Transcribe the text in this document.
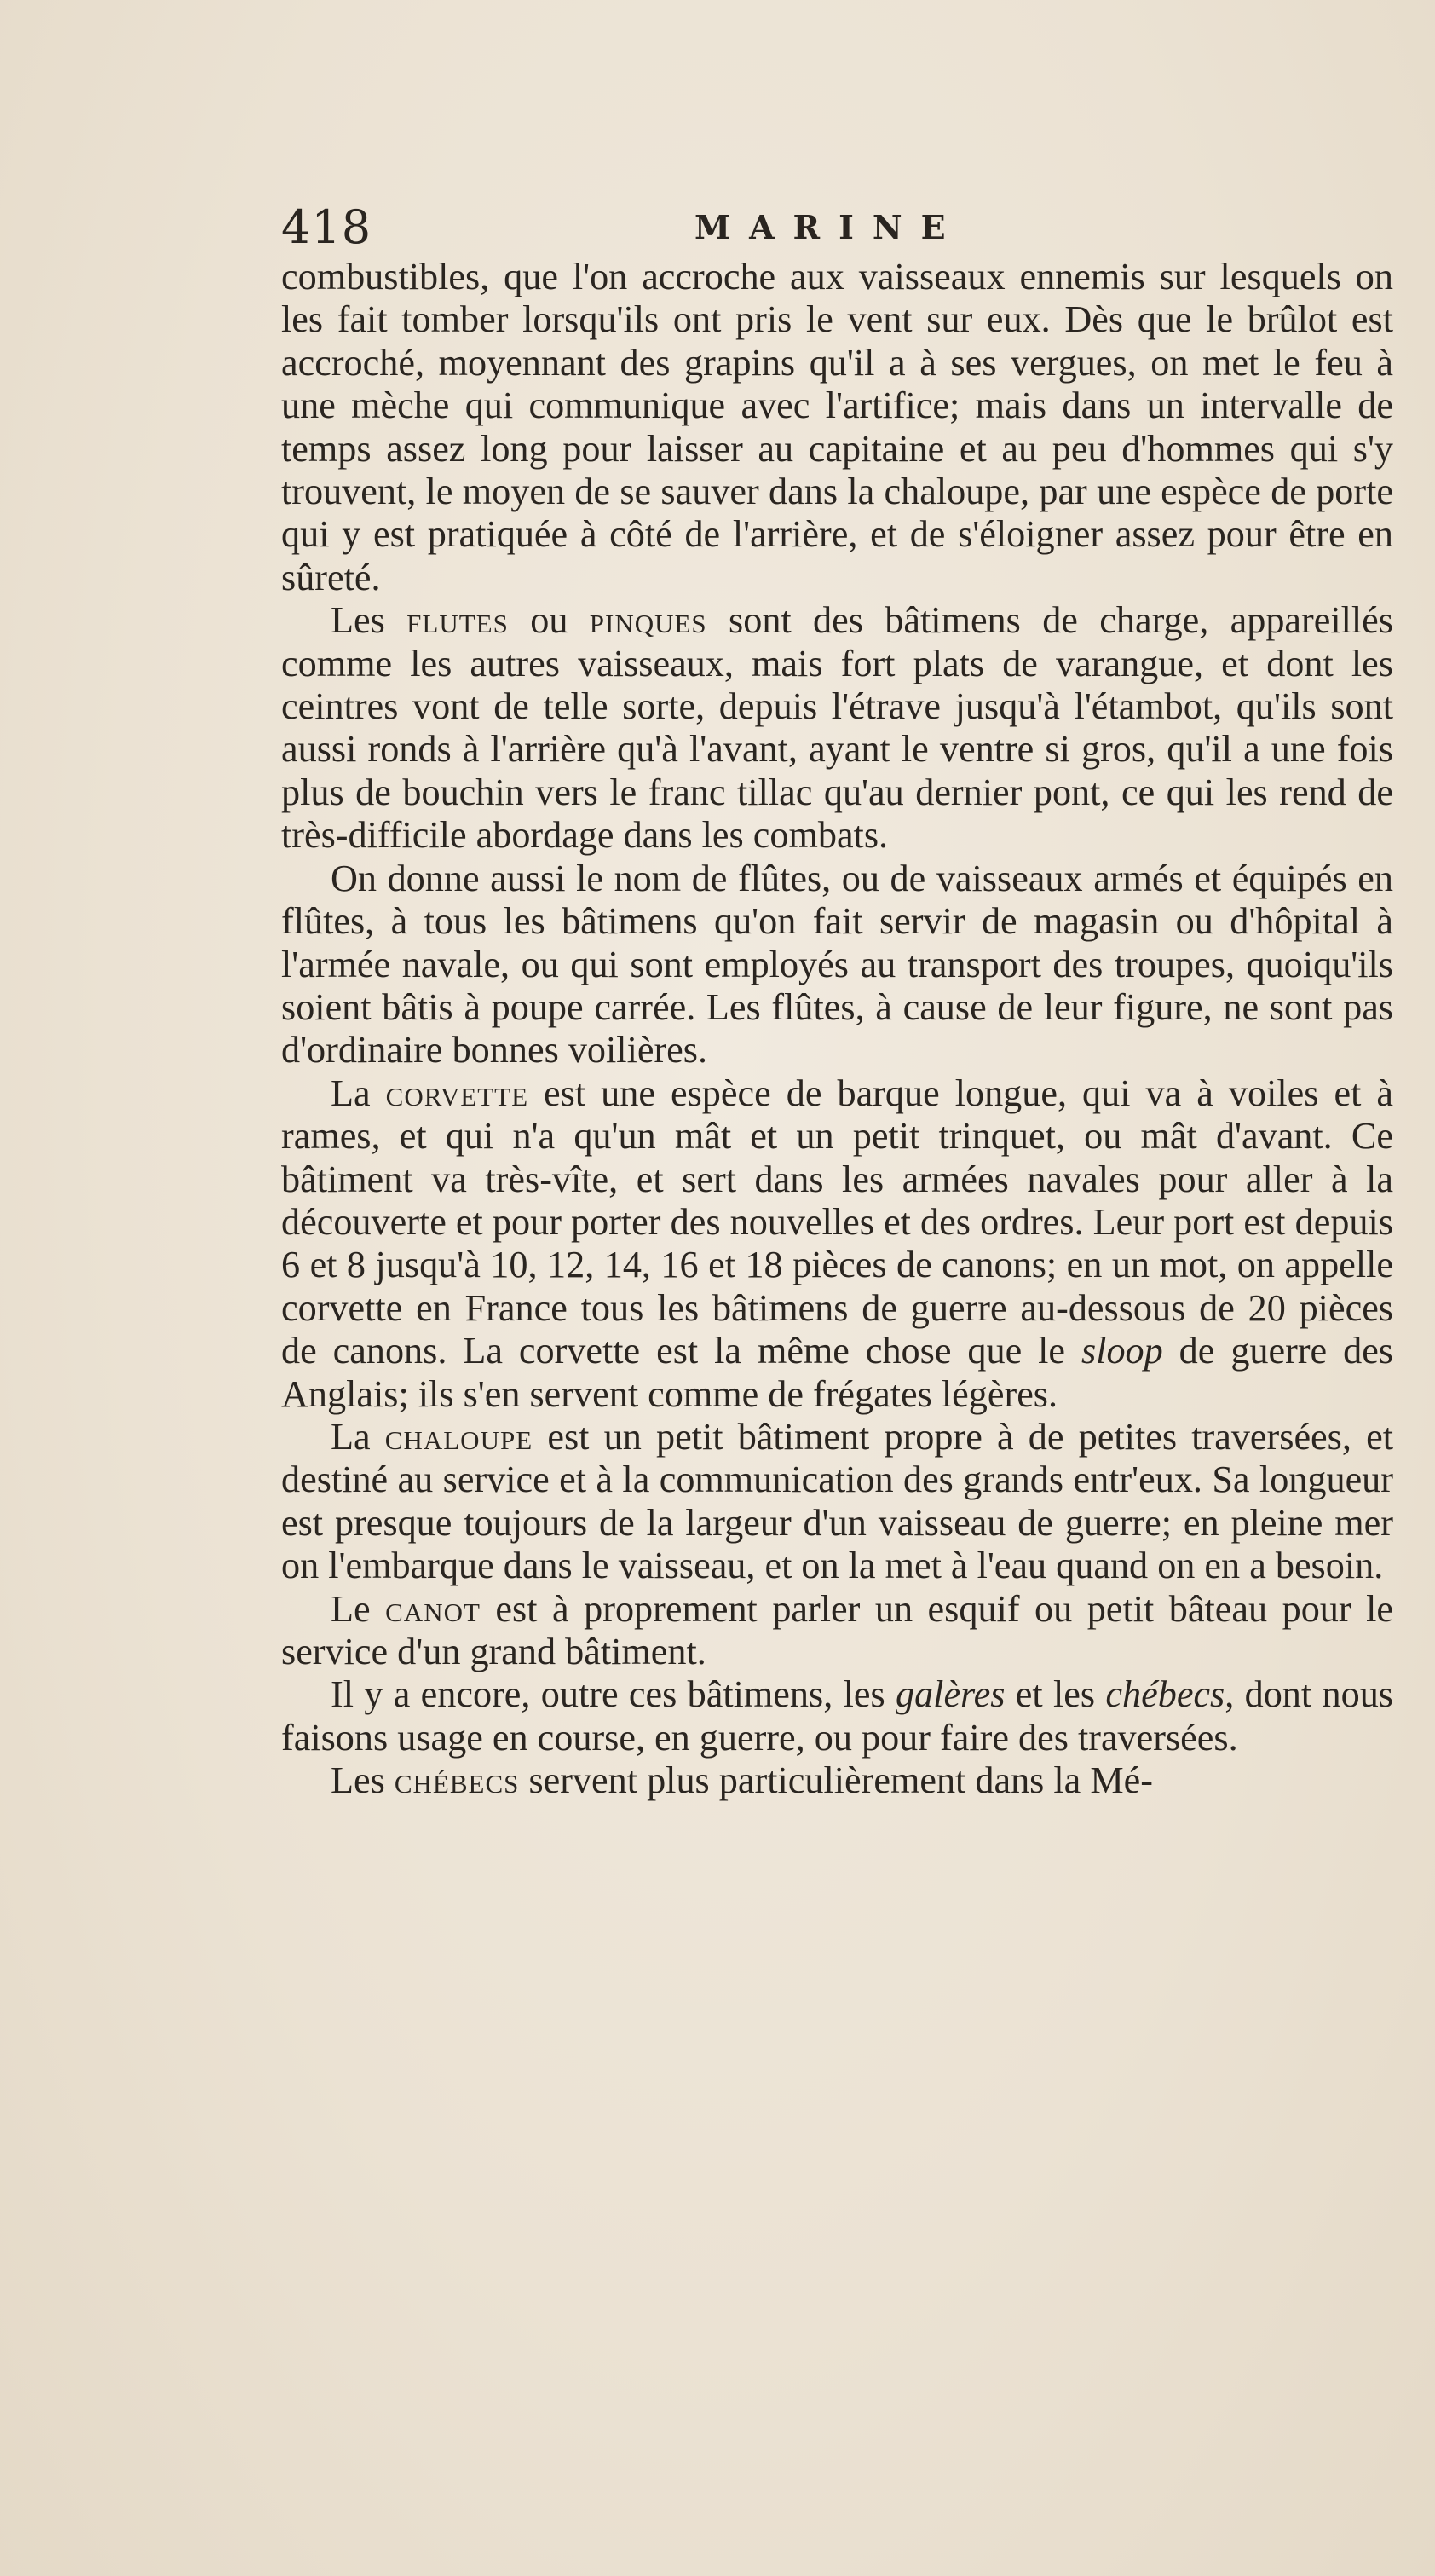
418	MARINE

combustibles, que l'on accroche aux vaisseaux ennemis sur lesquels on les fait tomber lorsqu'ils ont pris le vent sur eux. Dès que le brûlot est accroché, moyennant des grapins qu'il a à ses vergues, on met le feu à une mèche qui communique avec l'artifice; mais dans un intervalle de temps assez long pour laisser au capitaine et au peu d'hommes qui s'y trouvent, le moyen de se sauver dans la chaloupe, par une espèce de porte qui y est pratiquée à côté de l'arrière, et de s'éloigner assez pour être en sûreté.

Les flutes ou pinques sont des bâtimens de charge, appareillés comme les autres vaisseaux, mais fort plats de varangue, et dont les ceintres vont de telle sorte, depuis l'étrave jusqu'à l'étambot, qu'ils sont aussi ronds à l'arrière qu'à l'avant, ayant le ventre si gros, qu'il a une fois plus de bouchin vers le franc tillac qu'au dernier pont, ce qui les rend de très-difficile abordage dans les combats.

On donne aussi le nom de flûtes, ou de vaisseaux armés et équipés en flûtes, à tous les bâtimens qu'on fait servir de magasin ou d'hôpital à l'armée navale, ou qui sont employés au transport des troupes, quoiqu'ils soient bâtis à poupe carrée. Les flûtes, à cause de leur figure, ne sont pas d'ordinaire bonnes voilières.

La corvette est une espèce de barque longue, qui va à voiles et à rames, et qui n'a qu'un mât et un petit trinquet, ou mât d'avant. Ce bâtiment va très-vîte, et sert dans les armées navales pour aller à la découverte et pour porter des nouvelles et des ordres. Leur port est depuis 6 et 8 jusqu'à 10, 12, 14, 16 et 18 pièces de canons; en un mot, on appelle corvette en France tous les bâtimens de guerre au-dessous de 20 pièces de canons. La corvette est la même chose que le sloop de guerre des Anglais; ils s'en servent comme de frégates légères.

La chaloupe est un petit bâtiment propre à de petites traversées, et destiné au service et à la communication des grands entr'eux. Sa longueur est presque toujours de la largeur d'un vaisseau de guerre; en pleine mer on l'embarque dans le vaisseau, et on la met à l'eau quand on en a besoin.

Le canot est à proprement parler un esquif ou petit bâteau pour le service d'un grand bâtiment.

Il y a encore, outre ces bâtimens, les galères et les chébecs, dont nous faisons usage en course, en guerre, ou pour faire des traversées.

Les chébecs servent plus particulièrement dans la Mé-
